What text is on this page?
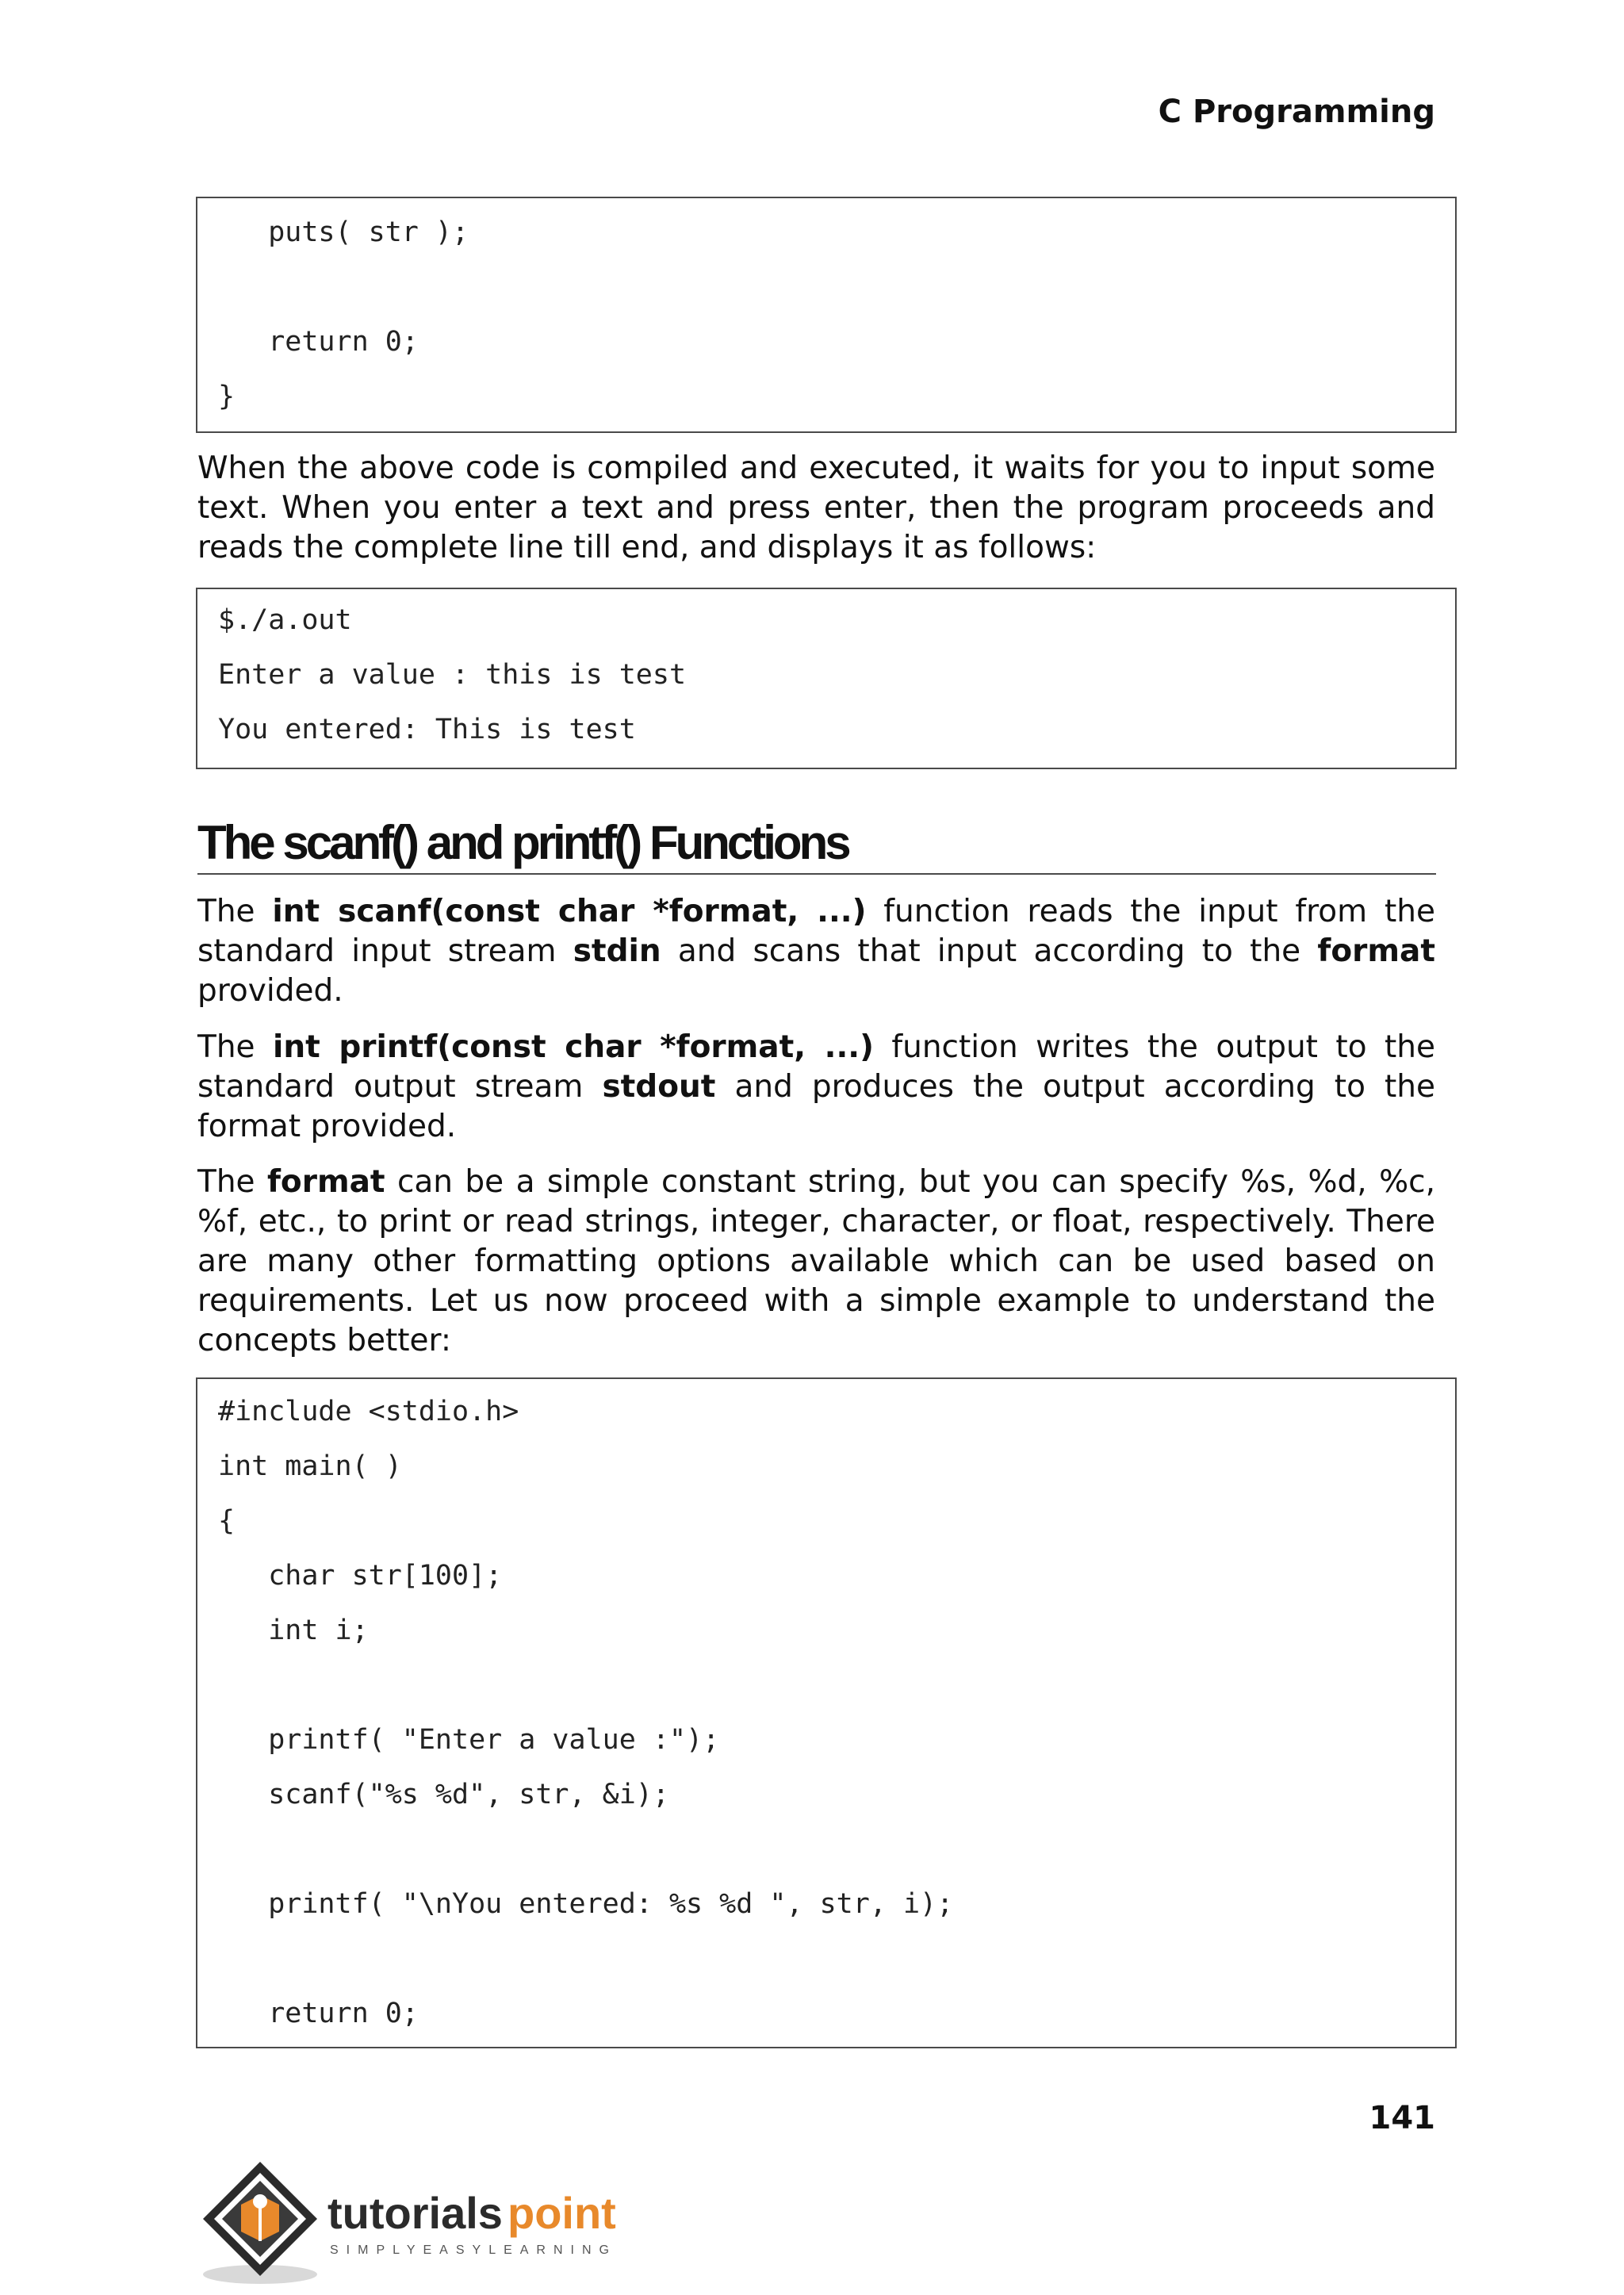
C Programming
puts( str );
return 0;
}

When the above code is compiled and executed, it waits for you to input some text. When you enter a text and press enter, then the program proceeds and reads the complete line till end, and displays it as follows:

$./a.out
Enter a value : this is test
You entered: This is test
The scanf() and printf() Functions

The int scanf(const char *format, ...) function reads the input from the standard input stream stdin and scans that input according to the format provided.

The int printf(const char *format, ...) function writes the output to the standard output stream stdout and produces the output according to the format provided.

The format can be a simple constant string, but you can specify %s, %d, %c, %f, etc., to print or read strings, integer, character, or float, respectively. There are many other formatting options available which can be used based on requirements. Let us now proceed with a simple example to understand the concepts better:

#include <stdio.h>
int main( )
{
char str[100];
int i;
printf( "Enter a value :");
scanf("%s %d", str, &i);
printf( "\nYou entered: %s %d ", str, i);
return 0;
141
tutorials point
SIMPLYEASYLEARNING
